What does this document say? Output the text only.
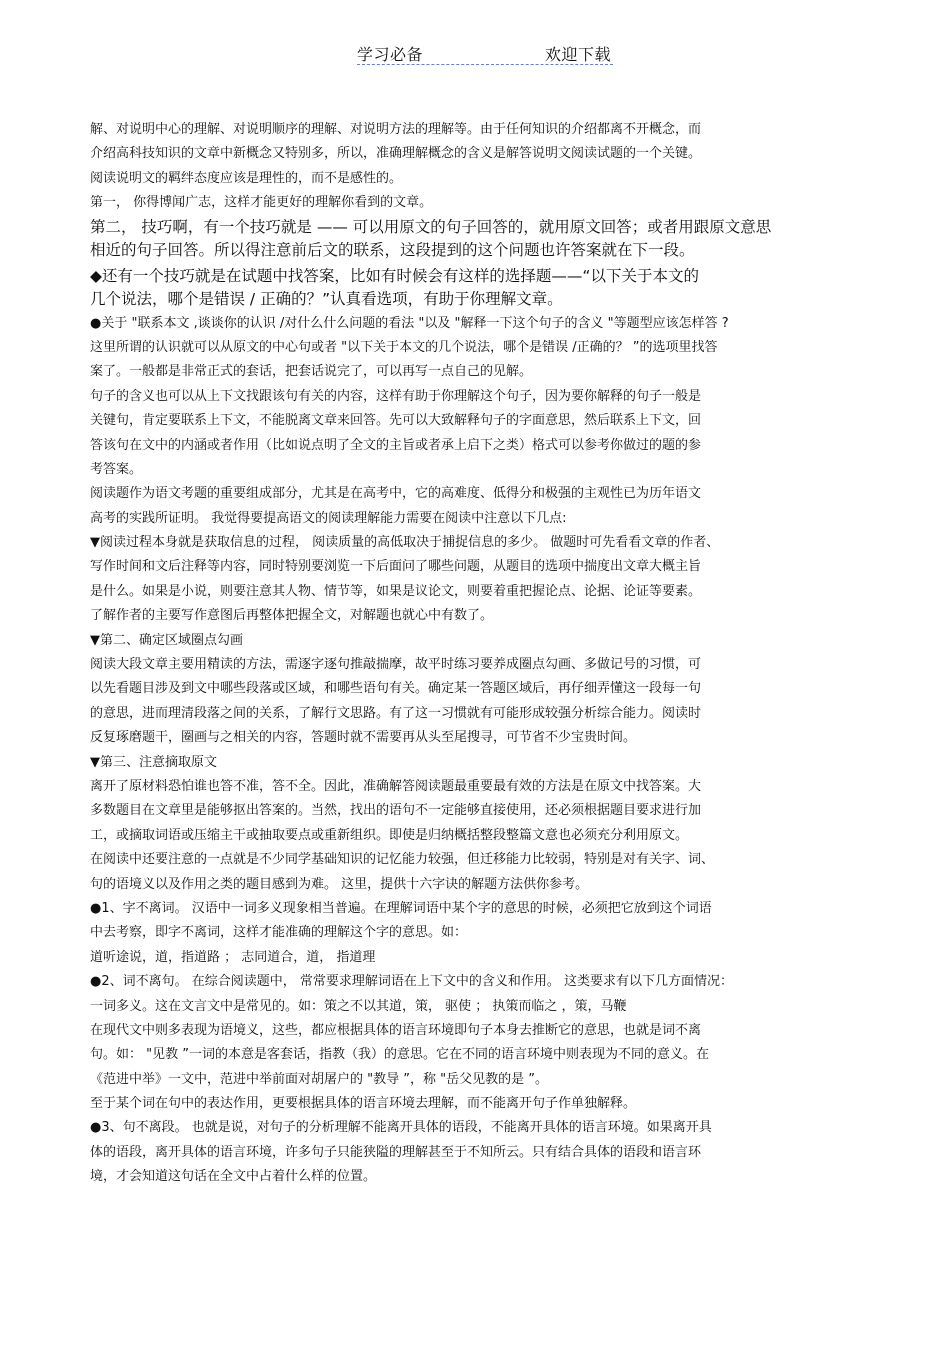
学习必备	欢迎下载
解、对说明中心的理解、对说明顺序的理解、对说明方法的理解等。由于任何知识的介绍都离不开概念，而
介绍高科技知识的文章中新概念又特别多，所以，准确理解概念的含义是解答说明文阅读试题的一个关键。
阅读说明文的羁绊态度应该是理性的，而不是感性的。
第一， 你得博闻广志，这样才能更好的理解你看到的文章。
第二， 技巧啊，有一个技巧就是 —— 可以用原文的句子回答的，就用原文回答；或者用跟原文意思
相近的句子回答。所以得注意前后文的联系，这段提到的这个问题也许答案就在下一段。
◆还有一个技巧就是在试题中找答案，比如有时候会有这样的选择题——“以下关于本文的
几个说法，哪个是错误 / 正确的？”认真看选项，有助于你理解文章。
●关于 "联系本文 ,谈谈你的认识 /对什么什么问题的看法 "以及 "解释一下这个句子的含义 "等题型应该怎样答 ?
这里所谓的认识就可以从原文的中心句或者 "以下关于本文的几个说法，哪个是错误 /正确的？ ”的选项里找答
案了。一般都是非常正式的套话，把套话说完了，可以再写一点自己的见解。
句子的含义也可以从上下文找跟该句有关的内容，这样有助于你理解这个句子，因为要你解释的句子一般是
关键句，肯定要联系上下文，不能脱离文章来回答。先可以大致解释句子的字面意思，然后联系上下文，回
答该句在文中的内涵或者作用（比如说点明了全文的主旨或者承上启下之类）格式可以参考你做过的题的参
考答案。
阅读题作为语文考题的重要组成部分，尤其是在高考中，它的高难度、低得分和极强的主观性已为历年语文
高考的实践所证明。 我觉得要提高语文的阅读理解能力需要在阅读中注意以下几点:
▼阅读过程本身就是获取信息的过程， 阅读质量的高低取决于捕捉信息的多少。 做题时可先看看文章的作者、
写作时间和文后注释等内容，同时特别要浏览一下后面问了哪些问题，从题目的选项中揣度出文章大概主旨
是什么。如果是小说，则要注意其人物、情节等，如果是议论文，则要着重把握论点、论据、论证等要素。
了解作者的主要写作意图后再整体把握全文，对解题也就心中有数了。
▼第二、确定区域圈点勾画
阅读大段文章主要用精读的方法，需逐字逐句推敲揣摩，故平时练习要养成圈点勾画、多做记号的习惯，可
以先看题目涉及到文中哪些段落或区域，和哪些语句有关。确定某一答题区域后，再仔细弄懂这一段每一句
的意思，进而理清段落之间的关系，了解行文思路。有了这一习惯就有可能形成较强分析综合能力。阅读时
反复琢磨题干，圈画与之相关的内容，答题时就不需要再从头至尾搜寻，可节省不少宝贵时间。
▼第三、注意摘取原文
离开了原材料恐怕谁也答不准，答不全。因此，准确解答阅读题最重要最有效的方法是在原文中找答案。大
多数题目在文章里是能够抠出答案的。当然，找出的语句不一定能够直接使用，还必须根据题目要求进行加
工，或摘取词语或压缩主干或抽取要点或重新组织。即使是归纳概括整段整篇文意也必须充分利用原文。
在阅读中还要注意的一点就是不少同学基础知识的记忆能力较强，但迁移能力比较弱，特别是对有关字、词、
句的语境义以及作用之类的题目感到为难。 这里，提供十六字诀的解题方法供你参考。
●1、字不离词。 汉语中一词多义现象相当普遍。在理解词语中某个字的意思的时候，必须把它放到这个词语
中去考察，即字不离词，这样才能准确的理解这个字的意思。如：
道听途说，道，指道路 ； 志同道合，道， 指道理
●2、词不离句。 在综合阅读题中， 常常要求理解词语在上下文中的含义和作用。 这类要求有以下几方面情况：
一词多义。这在文言文中是常见的。如：策之不以其道，策， 驱使 ； 执策而临之 ，策，马鞭
在现代文中则多表现为语境义，这些，都应根据具体的语言环境即句子本身去推断它的意思，也就是词不离
句。如： "见教 ”一词的本意是客套话，指教（我）的意思。它在不同的语言环境中则表现为不同的意义。在
《范进中举》一文中，范进中举前面对胡屠户的 "教导 ”，称 "岳父见教的是 ”。
至于某个词在句中的表达作用，更要根据具体的语言环境去理解，而不能离开句子作单独解释。
●3、句不离段。 也就是说，对句子的分析理解不能离开具体的语段，不能离开具体的语言环境。如果离开具
体的语段，离开具体的语言环境，许多句子只能狭隘的理解甚至于不知所云。只有结合具体的语段和语言环
境，才会知道这句话在全文中占着什么样的位置。
